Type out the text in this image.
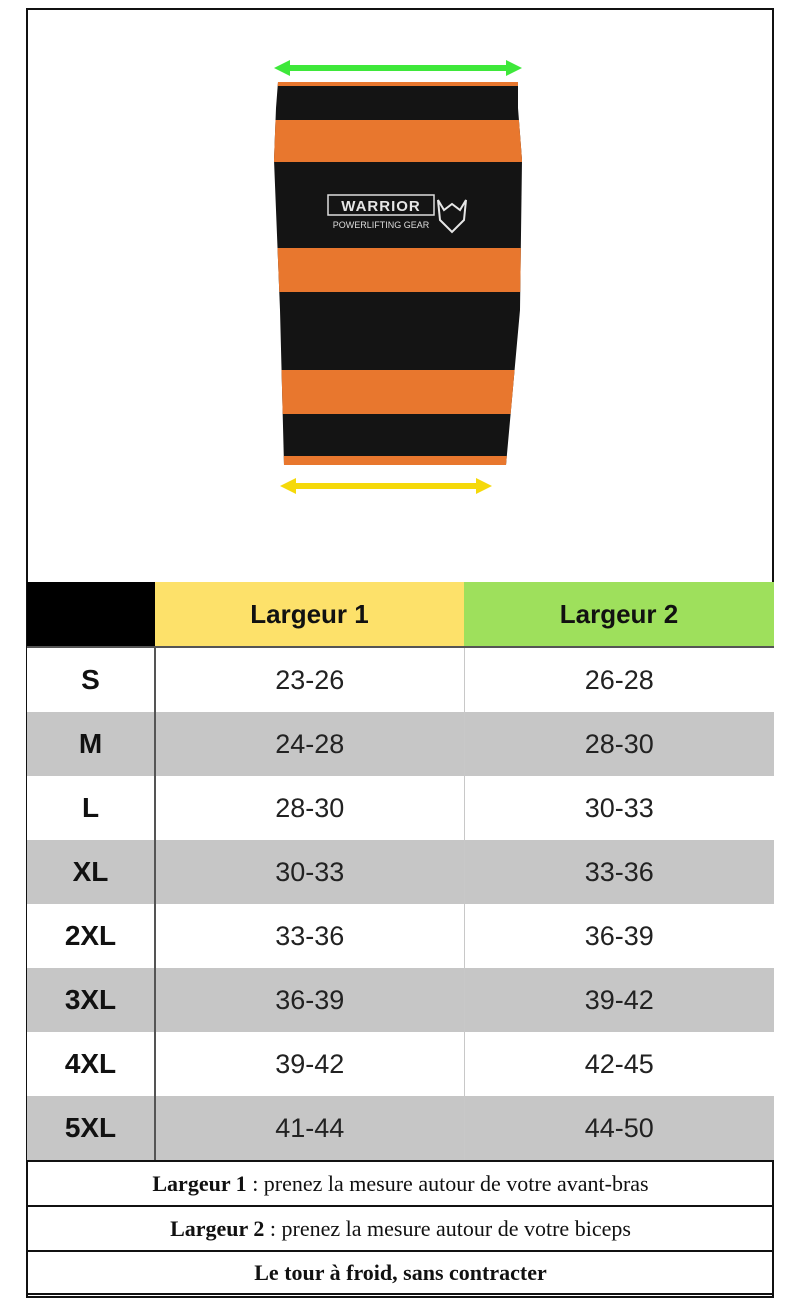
WARRIOR
POWERLIFTING GEAR
	Largeur 1	Largeur 2
S	23-26	26-28
M	24-28	28-30
L	28-30	30-33
XL	30-33	33-36
2XL	33-36	36-39
3XL	36-39	39-42
4XL	39-42	42-45
5XL	41-44	44-50
Largeur 1 : prenez la mesure autour de votre avant-bras
Largeur 2 : prenez la mesure autour de votre biceps
Le tour à froid, sans contracter
